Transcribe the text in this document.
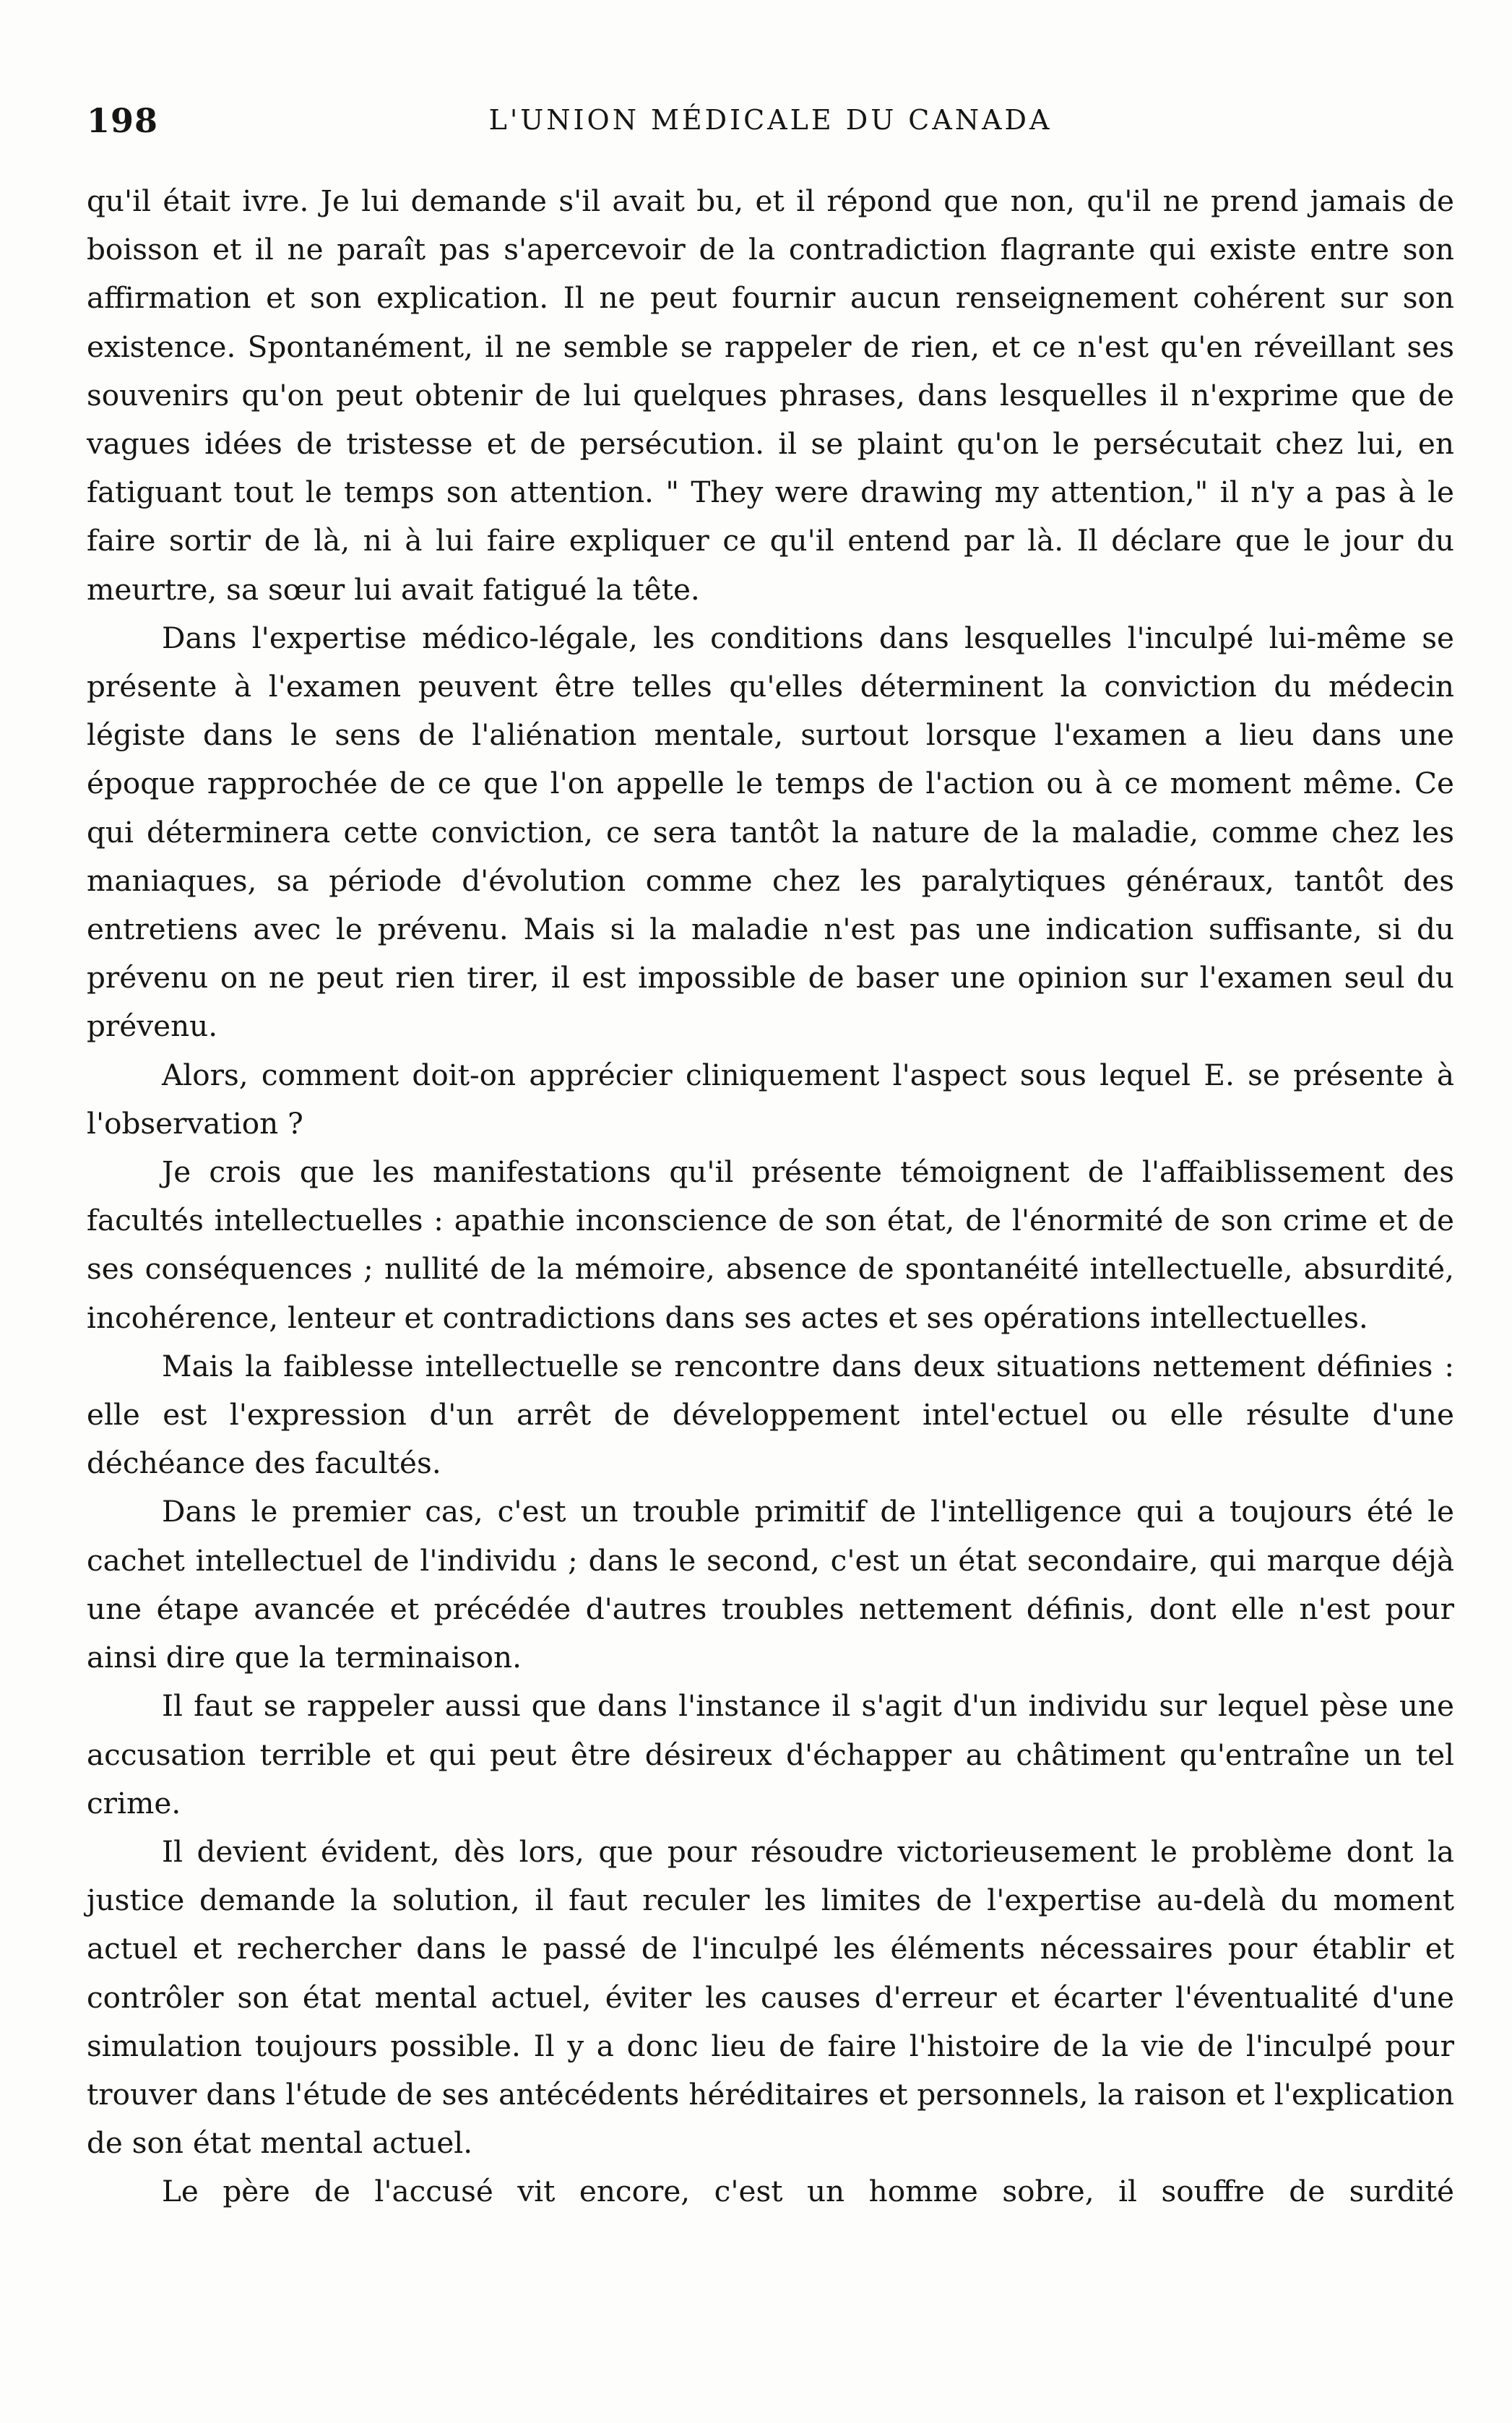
198	L'UNION MÉDICALE DU CANADA

qu'il était ivre. Je lui demande s'il avait bu, et il répond que non, qu'il ne prend jamais de boisson et il ne paraît pas s'apercevoir de la contradiction flagrante qui existe entre son affirmation et son explication. Il ne peut fournir aucun renseignement cohérent sur son existence. Spontanément, il ne semble se rappeler de rien, et ce n'est qu'en réveillant ses souvenirs qu'on peut obtenir de lui quelques phrases, dans lesquelles il n'exprime que de vagues idées de tristesse et de persécution. il se plaint qu'on le persécutait chez lui, en fatiguant tout le temps son attention. " They were drawing my attention," il n'y a pas à le faire sortir de là, ni à lui faire expliquer ce qu'il entend par là. Il déclare que le jour du meurtre, sa sœur lui avait fatigué la tête.

Dans l'expertise médico-légale, les conditions dans lesquelles l'inculpé lui-même se présente à l'examen peuvent être telles qu'elles déterminent la conviction du médecin légiste dans le sens de l'aliénation mentale, surtout lorsque l'examen a lieu dans une époque rapprochée de ce que l'on appelle le temps de l'action ou à ce moment même. Ce qui déterminera cette conviction, ce sera tantôt la nature de la maladie, comme chez les maniaques, sa période d'évolution comme chez les paralytiques généraux, tantôt des entretiens avec le prévenu. Mais si la maladie n'est pas une indication suffisante, si du prévenu on ne peut rien tirer, il est impossible de baser une opinion sur l'examen seul du prévenu.

Alors, comment doit-on apprécier cliniquement l'aspect sous lequel E. se présente à l'observation ?

Je crois que les manifestations qu'il présente témoignent de l'affaiblissement des facultés intellectuelles : apathie inconscience de son état, de l'énormité de son crime et de ses conséquences ; nullité de la mémoire, absence de spontanéité intellectuelle, absurdité, incohérence, lenteur et contradictions dans ses actes et ses opérations intellectuelles.

Mais la faiblesse intellectuelle se rencontre dans deux situations nettement définies : elle est l'expression d'un arrêt de développement intel'ectuel ou elle résulte d'une déchéance des facultés.

Dans le premier cas, c'est un trouble primitif de l'intelligence qui a toujours été le cachet intellectuel de l'individu ; dans le second, c'est un état secondaire, qui marque déjà une étape avancée et précédée d'autres troubles nettement définis, dont elle n'est pour ainsi dire que la terminaison.

Il faut se rappeler aussi que dans l'instance il s'agit d'un individu sur lequel pèse une accusation terrible et qui peut être désireux d'échapper au châtiment qu'entraîne un tel crime.

Il devient évident, dès lors, que pour résoudre victorieusement le problème dont la justice demande la solution, il faut reculer les limites de l'expertise au-delà du moment actuel et rechercher dans le passé de l'inculpé les éléments nécessaires pour établir et contrôler son état mental actuel, éviter les causes d'erreur et écarter l'éventualité d'une simulation toujours possible. Il y a donc lieu de faire l'histoire de la vie de l'inculpé pour trouver dans l'étude de ses antécédents héréditaires et personnels, la raison et l'explication de son état mental actuel.

Le père de l'accusé vit encore, c'est un homme sobre, il souffre de surdité
